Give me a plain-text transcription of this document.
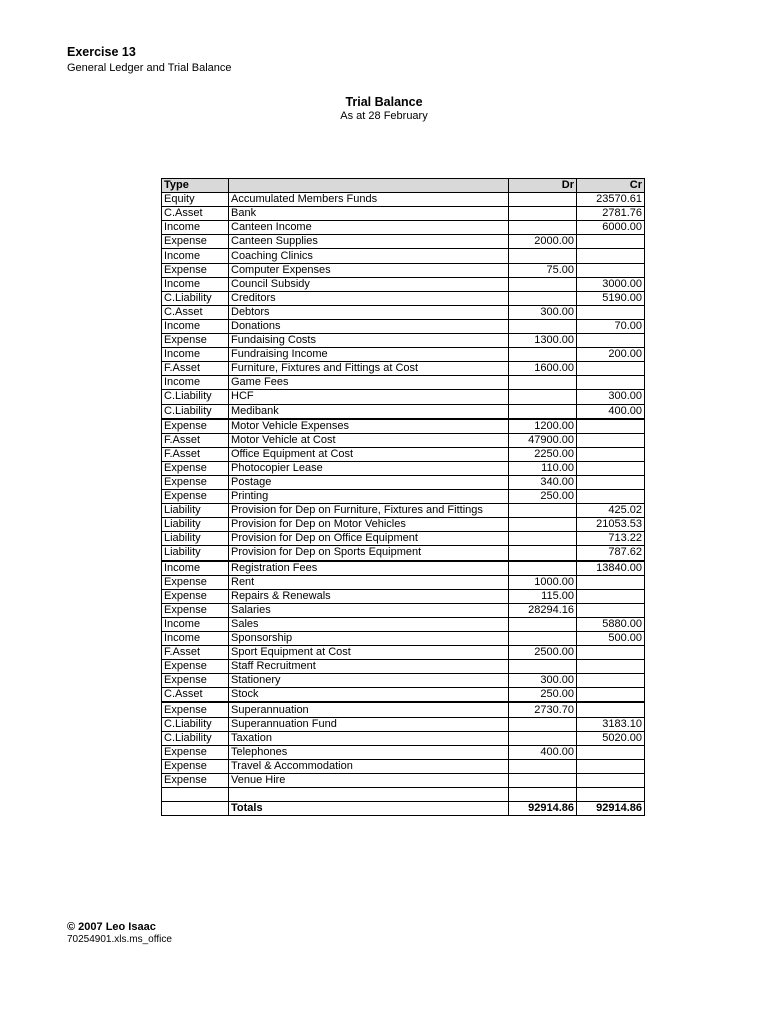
Exercise 13
General Ledger and Trial Balance
Trial Balance
As at 28 February
Type		Dr	Cr
Equity	Accumulated Members Funds		23570.61
C.Asset	Bank		2781.76
Income	Canteen Income		6000.00
Expense	Canteen Supplies	2000.00	
Income	Coaching Clinics		
Expense	Computer Expenses	75.00	
Income	Council Subsidy		3000.00
C.Liability	Creditors		5190.00
C.Asset	Debtors	300.00	
Income	Donations		70.00
Expense	Fundaising Costs	1300.00	
Income	Fundraising Income		200.00
F.Asset	Furniture, Fixtures and Fittings at Cost	1600.00	
Income	Game Fees		
C.Liability	HCF		300.00
C.Liability	Medibank		400.00
Expense	Motor Vehicle Expenses	1200.00	
F.Asset	Motor Vehicle at Cost	47900.00	
F.Asset	Office Equipment at Cost	2250.00	
Expense	Photocopier Lease	110.00	
Expense	Postage	340.00	
Expense	Printing	250.00	
Liability	Provision for Dep on Furniture, Fixtures and Fittings		425.02
Liability	Provision for Dep on Motor Vehicles		21053.53
Liability	Provision for Dep on Office Equipment		713.22
Liability	Provision for Dep on Sports Equipment		787.62
Income	Registration Fees		13840.00
Expense	Rent	1000.00	
Expense	Repairs & Renewals	115.00	
Expense	Salaries	28294.16	
Income	Sales		5880.00
Income	Sponsorship		500.00
F.Asset	Sport Equipment at Cost	2500.00	
Expense	Staff Recruitment		
Expense	Stationery	300.00	
C.Asset	Stock	250.00	
Expense	Superannuation	2730.70	
C.Liability	Superannuation Fund		3183.10
C.Liability	Taxation		5020.00
Expense	Telephones	400.00	
Expense	Travel & Accommodation		
Expense	Venue Hire		

	Totals	92914.86	92914.86
© 2007 Leo Isaac
70254901.xls.ms_office
